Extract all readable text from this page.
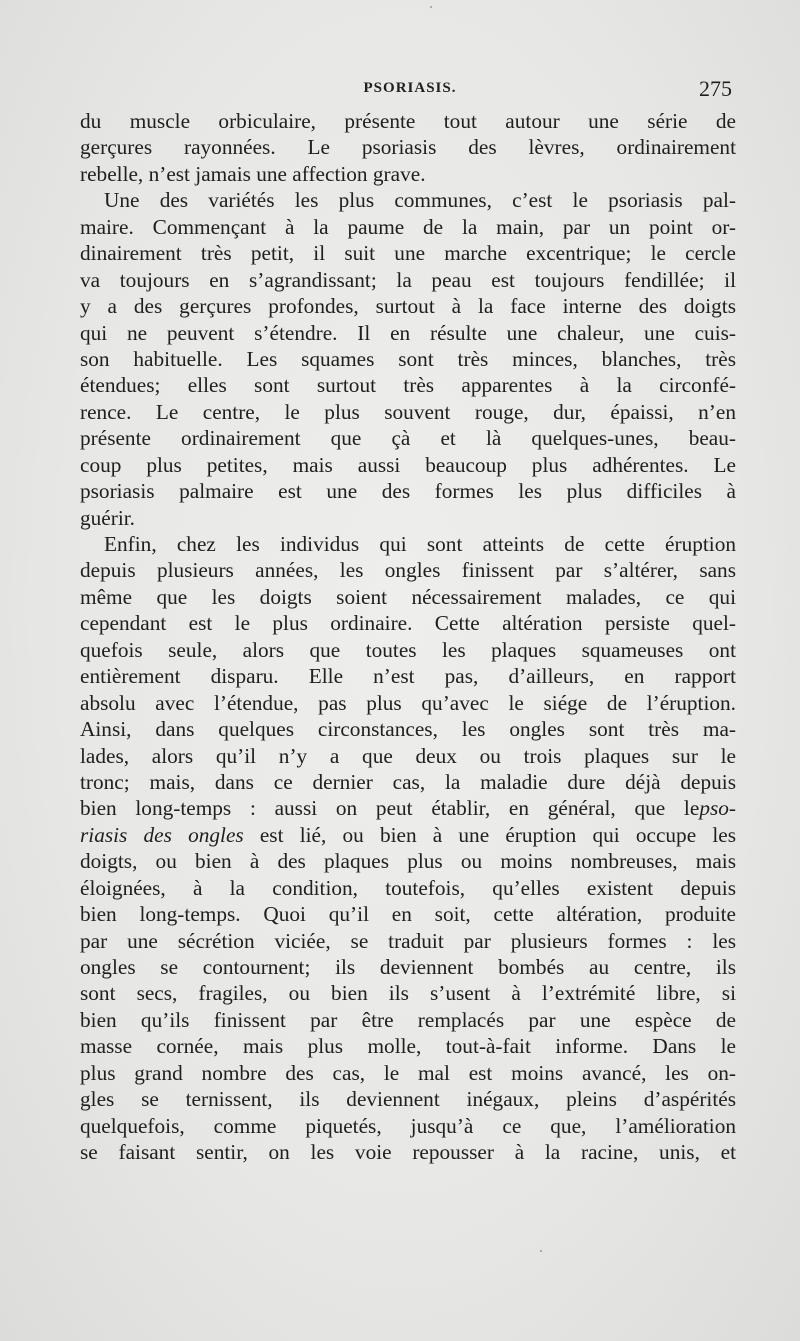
PSORIASIS.	275
du muscle orbiculaire, présente tout autour une série de
gerçures rayonnées. Le psoriasis des lèvres, ordinairement
rebelle, n’est jamais une affection grave.
Une des variétés les plus communes, c’est le psoriasis pal-
maire. Commençant à la paume de la main, par un point or-
dinairement très petit, il suit une marche excentrique; le cercle
va toujours en s’agrandissant; la peau est toujours fendillée; il
y a des gerçures profondes, surtout à la face interne des doigts
qui ne peuvent s’étendre. Il en résulte une chaleur, une cuis-
son habituelle. Les squames sont très minces, blanches, très
étendues; elles sont surtout très apparentes à la circonfé-
rence. Le centre, le plus souvent rouge, dur, épaissi, n’en
présente ordinairement que çà et là quelques-unes, beau-
coup plus petites, mais aussi beaucoup plus adhérentes. Le
psoriasis palmaire est une des formes les plus difficiles à
guérir.
Enfin, chez les individus qui sont atteints de cette éruption
depuis plusieurs années, les ongles finissent par s’altérer, sans
même que les doigts soient nécessairement malades, ce qui
cependant est le plus ordinaire. Cette altération persiste quel-
quefois seule, alors que toutes les plaques squameuses ont
entièrement disparu. Elle n’est pas, d’ailleurs, en rapport
absolu avec l’étendue, pas plus qu’avec le siége de l’éruption.
Ainsi, dans quelques circonstances, les ongles sont très ma-
lades, alors qu’il n’y a que deux ou trois plaques sur le
tronc; mais, dans ce dernier cas, la maladie dure déjà depuis
bien long-temps : aussi on peut établir, en général, que lepso-
riasis des ongles est lié, ou bien à une éruption qui occupe les
doigts, ou bien à des plaques plus ou moins nombreuses, mais
éloignées, à la condition, toutefois, qu’elles existent depuis
bien long-temps. Quoi qu’il en soit, cette altération, produite
par une sécrétion viciée, se traduit par plusieurs formes : les
ongles se contournent; ils deviennent bombés au centre, ils
sont secs, fragiles, ou bien ils s’usent à l’extrémité libre, si
bien qu’ils finissent par être remplacés par une espèce de
masse cornée, mais plus molle, tout-à-fait informe. Dans le
plus grand nombre des cas, le mal est moins avancé, les on-
gles se ternissent, ils deviennent inégaux, pleins d’aspérités
quelquefois, comme piquetés, jusqu’à ce que, l’amélioration
se faisant sentir, on les voie repousser à la racine, unis, et
